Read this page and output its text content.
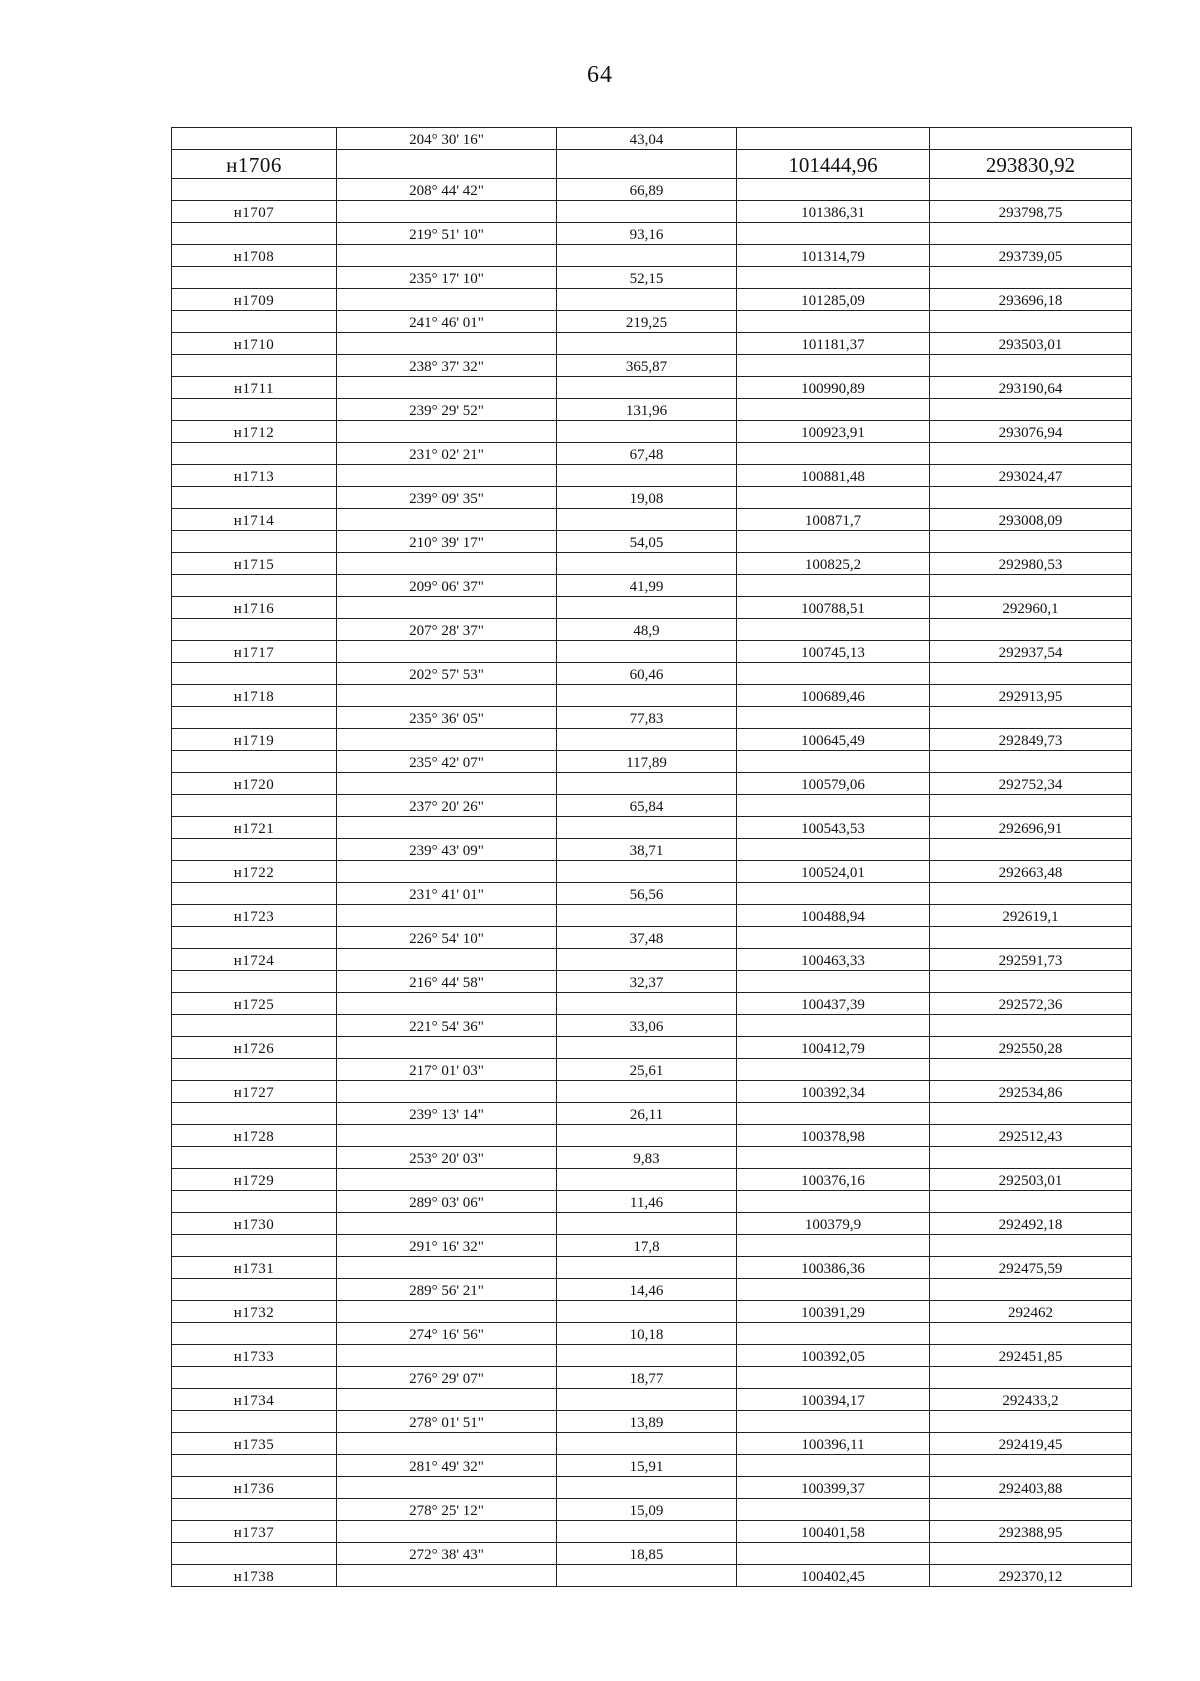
64
	204° 30' 16"	43,04		
н1706			101444,96	293830,92
	208° 44' 42"	66,89		
н1707			101386,31	293798,75
	219° 51' 10"	93,16		
н1708			101314,79	293739,05
	235° 17' 10"	52,15		
н1709			101285,09	293696,18
	241° 46' 01"	219,25		
н1710			101181,37	293503,01
	238° 37' 32"	365,87		
н1711			100990,89	293190,64
	239° 29' 52"	131,96		
н1712			100923,91	293076,94
	231° 02' 21"	67,48		
н1713			100881,48	293024,47
	239° 09' 35"	19,08		
н1714			100871,7	293008,09
	210° 39' 17"	54,05		
н1715			100825,2	292980,53
	209° 06' 37"	41,99		
н1716			100788,51	292960,1
	207° 28' 37"	48,9		
н1717			100745,13	292937,54
	202° 57' 53"	60,46		
н1718			100689,46	292913,95
	235° 36' 05"	77,83		
н1719			100645,49	292849,73
	235° 42' 07"	117,89		
н1720			100579,06	292752,34
	237° 20' 26"	65,84		
н1721			100543,53	292696,91
	239° 43' 09"	38,71		
н1722			100524,01	292663,48
	231° 41' 01"	56,56		
н1723			100488,94	292619,1
	226° 54' 10"	37,48		
н1724			100463,33	292591,73
	216° 44' 58"	32,37		
н1725			100437,39	292572,36
	221° 54' 36"	33,06		
н1726			100412,79	292550,28
	217° 01' 03"	25,61		
н1727			100392,34	292534,86
	239° 13' 14"	26,11		
н1728			100378,98	292512,43
	253° 20' 03"	9,83		
н1729			100376,16	292503,01
	289° 03' 06"	11,46		
н1730			100379,9	292492,18
	291° 16' 32"	17,8		
н1731			100386,36	292475,59
	289° 56' 21"	14,46		
н1732			100391,29	292462
	274° 16' 56"	10,18		
н1733			100392,05	292451,85
	276° 29' 07"	18,77		
н1734			100394,17	292433,2
	278° 01' 51"	13,89		
н1735			100396,11	292419,45
	281° 49' 32"	15,91		
н1736			100399,37	292403,88
	278° 25' 12"	15,09		
н1737			100401,58	292388,95
	272° 38' 43"	18,85		
н1738			100402,45	292370,12
